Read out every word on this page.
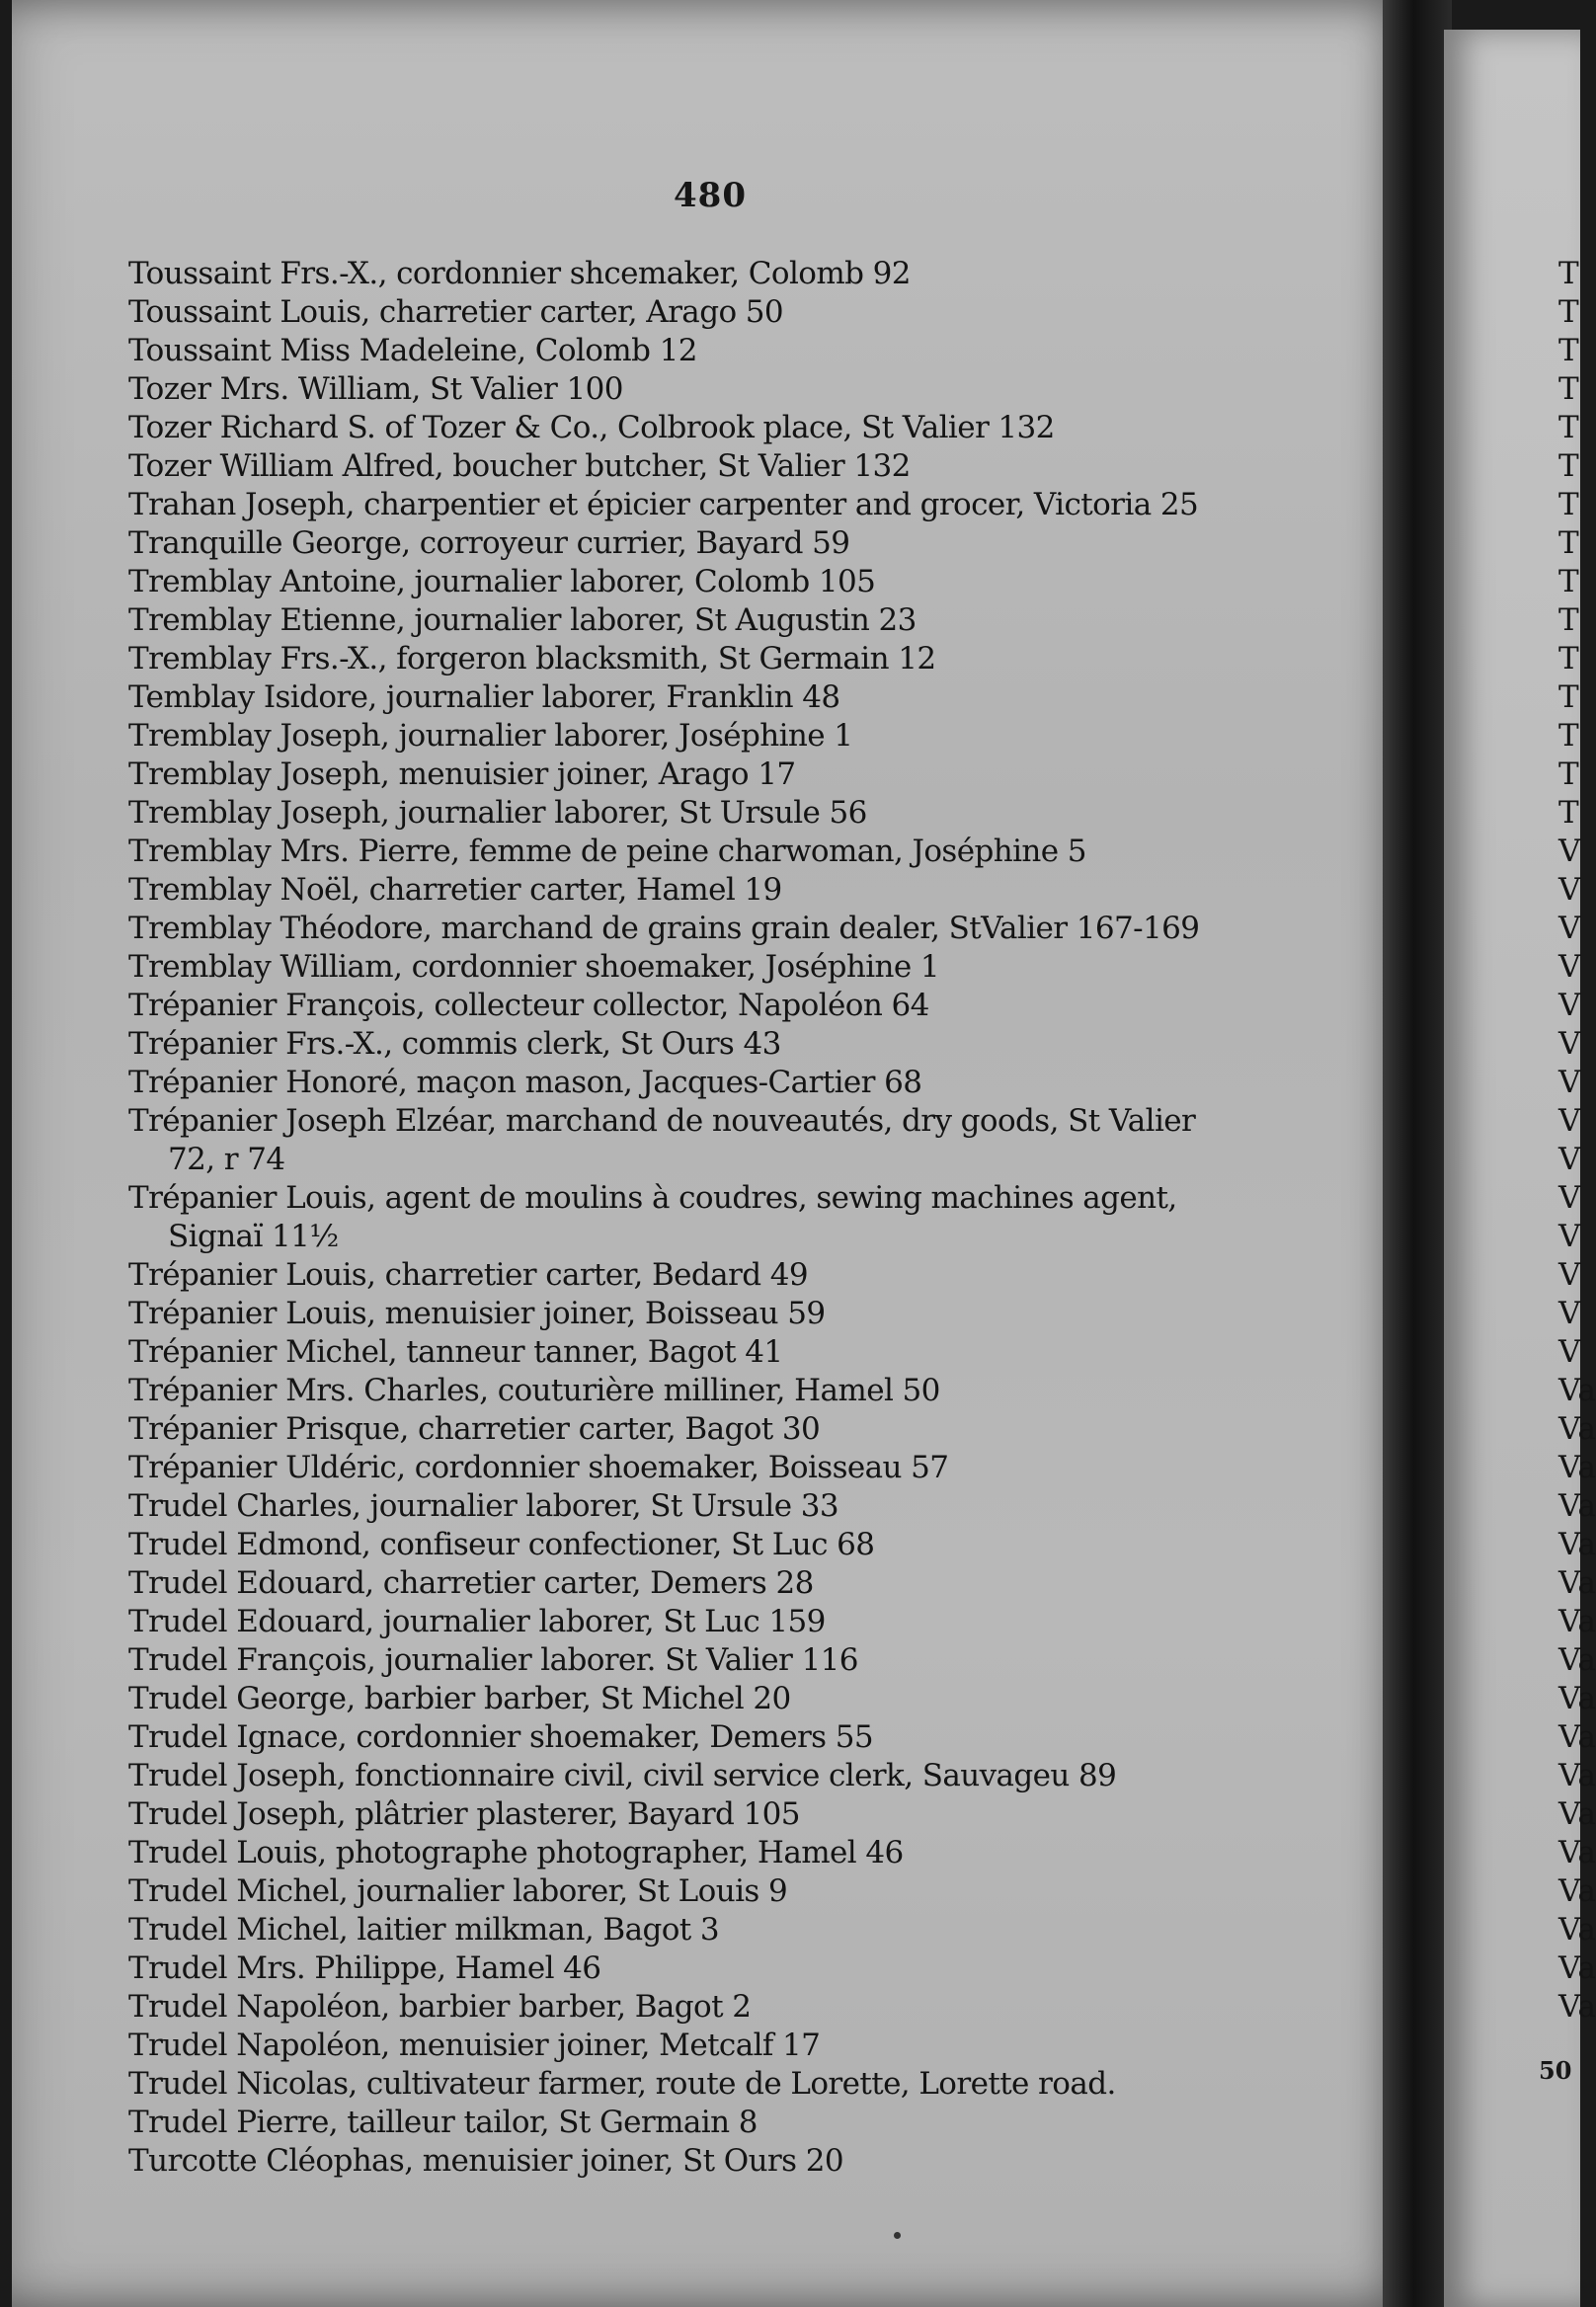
480
Toussaint Frs.-X., cordonnier shcemaker, Colomb 92
Toussaint Louis, charretier carter, Arago 50
Toussaint Miss Madeleine, Colomb 12
Tozer Mrs. William, St Valier 100
Tozer Richard S. of Tozer & Co., Colbrook place, St Valier 132
Tozer William Alfred, boucher butcher, St Valier 132
Trahan Joseph, charpentier et épicier carpenter and grocer, Victoria 25
Tranquille George, corroyeur currier, Bayard 59
Tremblay Antoine, journalier laborer, Colomb 105
Tremblay Etienne, journalier laborer, St Augustin 23
Tremblay Frs.-X., forgeron blacksmith, St Germain 12
Temblay Isidore, journalier laborer, Franklin 48
Tremblay Joseph, journalier laborer, Joséphine 1
Tremblay Joseph, menuisier joiner, Arago 17
Tremblay Joseph, journalier laborer, St Ursule 56
Tremblay Mrs. Pierre, femme de peine charwoman, Joséphine 5
Tremblay Noël, charretier carter, Hamel 19
Tremblay Théodore, marchand de grains grain dealer, StValier 167-169
Tremblay William, cordonnier shoemaker, Joséphine 1
Trépanier François, collecteur collector, Napoléon 64
Trépanier Frs.-X., commis clerk, St Ours 43
Trépanier Honoré, maçon mason, Jacques-Cartier 68
Trépanier Joseph Elzéar, marchand de nouveautés, dry goods, St Valier
72, r 74
Trépanier Louis, agent de moulins à coudres, sewing machines agent,
Signaï 11½
Trépanier Louis, charretier carter, Bedard 49
Trépanier Louis, menuisier joiner, Boisseau 59
Trépanier Michel, tanneur tanner, Bagot 41
Trépanier Mrs. Charles, couturière milliner, Hamel 50
Trépanier Prisque, charretier carter, Bagot 30
Trépanier Uldéric, cordonnier shoemaker, Boisseau 57
Trudel Charles, journalier laborer, St Ursule 33
Trudel Edmond, confiseur confectioner, St Luc 68
Trudel Edouard, charretier carter, Demers 28
Trudel Edouard, journalier laborer, St Luc 159
Trudel François, journalier laborer. St Valier 116
Trudel George, barbier barber, St Michel 20
Trudel Ignace, cordonnier shoemaker, Demers 55
Trudel Joseph, fonctionnaire civil, civil service clerk, Sauvageu 89
Trudel Joseph, plâtrier plasterer, Bayard 105
Trudel Louis, photographe photographer, Hamel 46
Trudel Michel, journalier laborer, St Louis 9
Trudel Michel, laitier milkman, Bagot 3
Trudel Mrs. Philippe, Hamel 46
Trudel Napoléon, barbier barber, Bagot 2
Trudel Napoléon, menuisier joiner, Metcalf 17
Trudel Nicolas, cultivateur farmer, route de Lorette, Lorette road.
Trudel Pierre, tailleur tailor, St Germain 8
Turcotte Cléophas, menuisier joiner, St Ours 20
T
T
T
T
T
T
T
T
T
T
T
T
T
T
T
V
V
V
V
V
V
V
V
V
V
V
V
V
V
Va
Va
Va
Va
Va
Va
Va
Va
Va
Va
Va
Va
Va
Va
Va
Va
Va
50
